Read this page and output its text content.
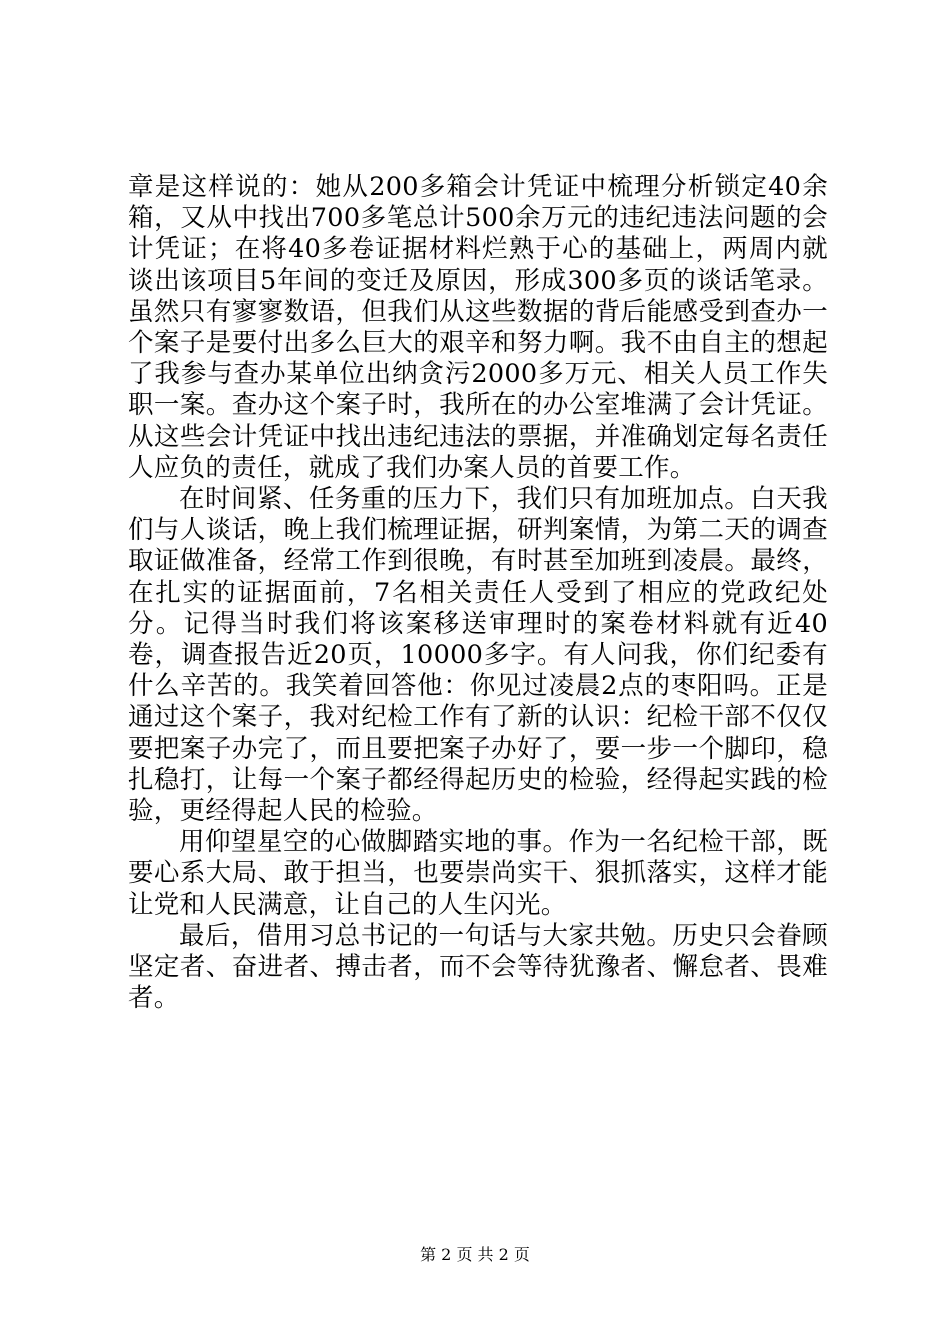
章是这样说的：她从200多箱会计凭证中梳理分析锁定40余箱，又从中找出700多笔总计500余万元的违纪违法问题的会计凭证；在将40多卷证据材料烂熟于心的基础上，两周内就谈出该项目5年间的变迁及原因，形成300多页的谈话笔录。虽然只有寥寥数语，但我们从这些数据的背后能感受到查办一个案子是要付出多么巨大的艰辛和努力啊。我不由自主的想起了我参与查办某单位出纳贪污2000多万元、相关人员工作失职一案。查办这个案子时，我所在的办公室堆满了会计凭证。从这些会计凭证中找出违纪违法的票据，并准确划定每名责任人应负的责任，就成了我们办案人员的首要工作。

在时间紧、任务重的压力下，我们只有加班加点。白天我们与人谈话，晚上我们梳理证据，研判案情，为第二天的调查取证做准备，经常工作到很晚，有时甚至加班到凌晨。最终，在扎实的证据面前，7名相关责任人受到了相应的党政纪处分。记得当时我们将该案移送审理时的案卷材料就有近40卷，调查报告近20页，10000多字。有人问我，你们纪委有什么辛苦的。我笑着回答他：你见过凌晨2点的枣阳吗。正是通过这个案子，我对纪检工作有了新的认识：纪检干部不仅仅要把案子办完了，而且要把案子办好了，要一步一个脚印，稳扎稳打，让每一个案子都经得起历史的检验，经得起实践的检验，更经得起人民的检验。

用仰望星空的心做脚踏实地的事。作为一名纪检干部，既要心系大局、敢于担当，也要崇尚实干、狠抓落实，这样才能让党和人民满意，让自己的人生闪光。

最后，借用习总书记的一句话与大家共勉。历史只会眷顾坚定者、奋进者、搏击者，而不会等待犹豫者、懈怠者、畏难者。

第 2 页 共 2 页
